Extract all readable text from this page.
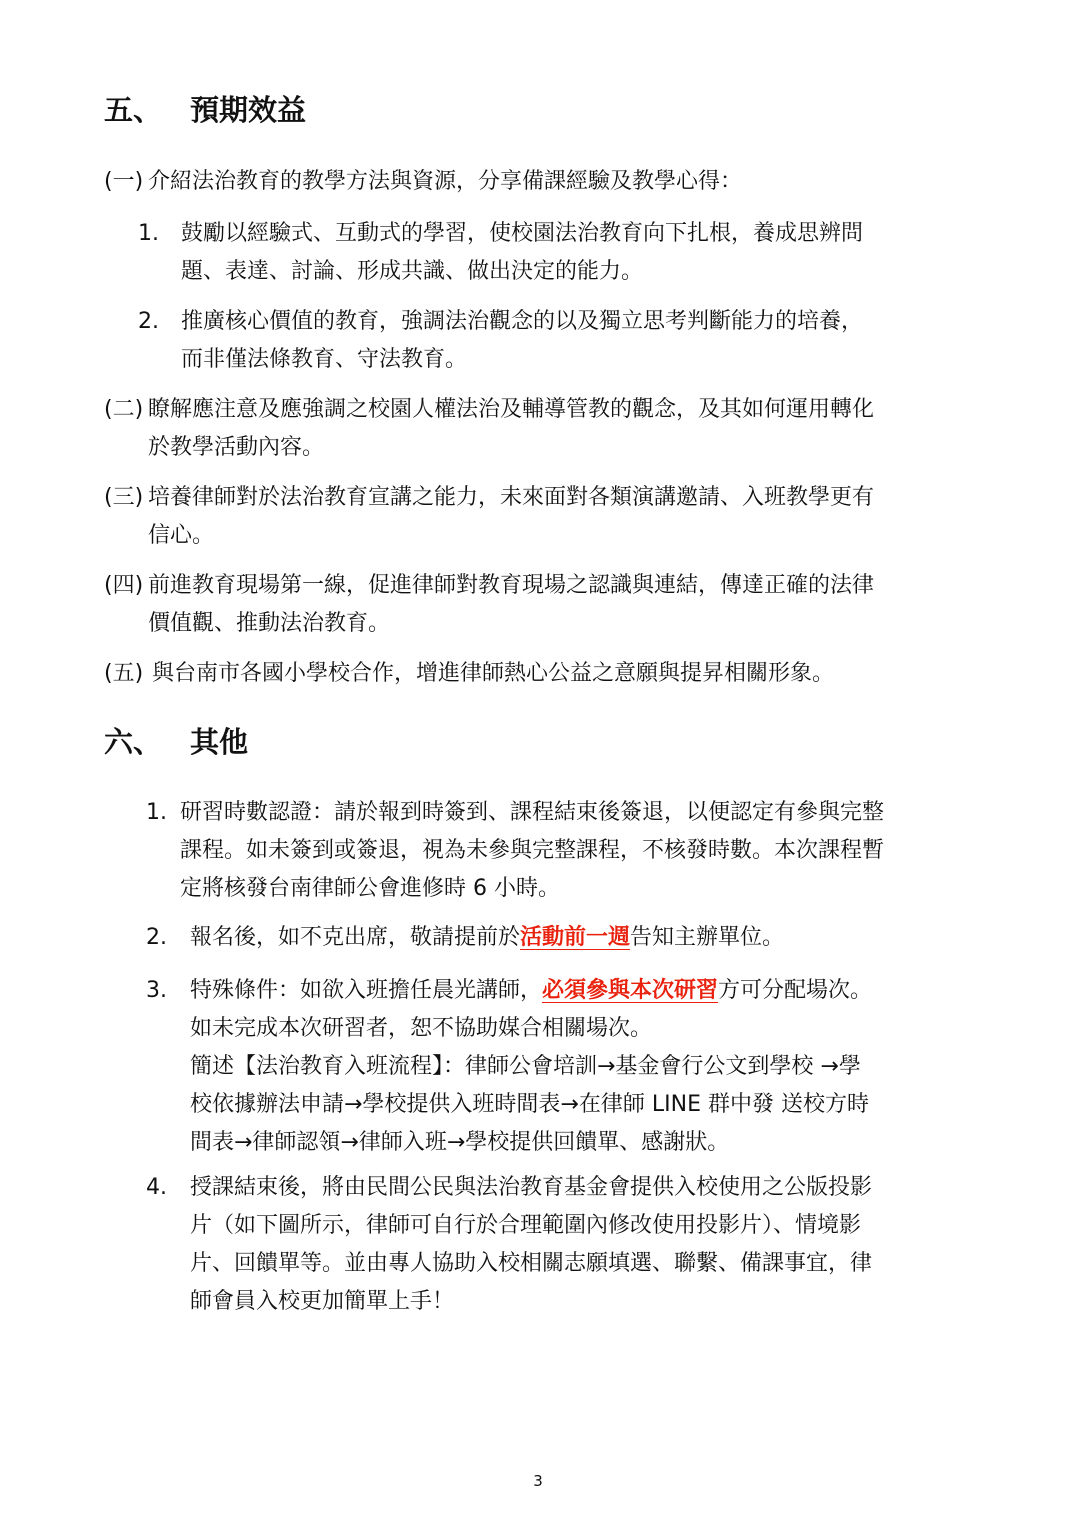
五、 預期效益
(一) 介紹法治教育的教學方法與資源，分享備課經驗及教學心得：
1. 鼓勵以經驗式、互動式的學習，使校園法治教育向下扎根，養成思辨問
題、表達、討論、形成共識、做出決定的能力。
2. 推廣核心價值的教育，強調法治觀念的以及獨立思考判斷能力的培養，
而非僅法條教育、守法教育。
(二) 瞭解應注意及應強調之校園人權法治及輔導管教的觀念，及其如何運用轉化
於教學活動內容。
(三) 培養律師對於法治教育宣講之能力，未來面對各類演講邀請、入班教學更有
信心。
(四) 前進教育現場第一線，促進律師對教育現場之認識與連結，傳達正確的法律
價值觀、推動法治教育。
(五) 與台南市各國小學校合作，增進律師熱心公益之意願與提昇相關形象。
六、 其他
1. 研習時數認證：請於報到時簽到、課程結束後簽退，以便認定有參與完整
課程。如未簽到或簽退，視為未參與完整課程，不核發時數。本次課程暫
定將核發台南律師公會進修時 6 小時。
2. 報名後，如不克出席，敬請提前於活動前一週告知主辦單位。
3. 特殊條件：如欲入班擔任晨光講師，必須參與本次研習方可分配場次。
如未完成本次研習者，恕不協助媒合相關場次。
簡述【法治教育入班流程】：律師公會培訓→基金會行公文到學校 →學
校依據辦法申請→學校提供入班時間表→在律師 LINE 群中發 送校方時
間表→律師認領→律師入班→學校提供回饋單、感謝狀。
4. 授課結束後，將由民間公民與法治教育基金會提供入校使用之公版投影
片（如下圖所示，律師可自行於合理範圍內修改使用投影片）、情境影
片、回饋單等。並由專人協助入校相關志願填選、聯繫、備課事宜，律
師會員入校更加簡單上手！
3
